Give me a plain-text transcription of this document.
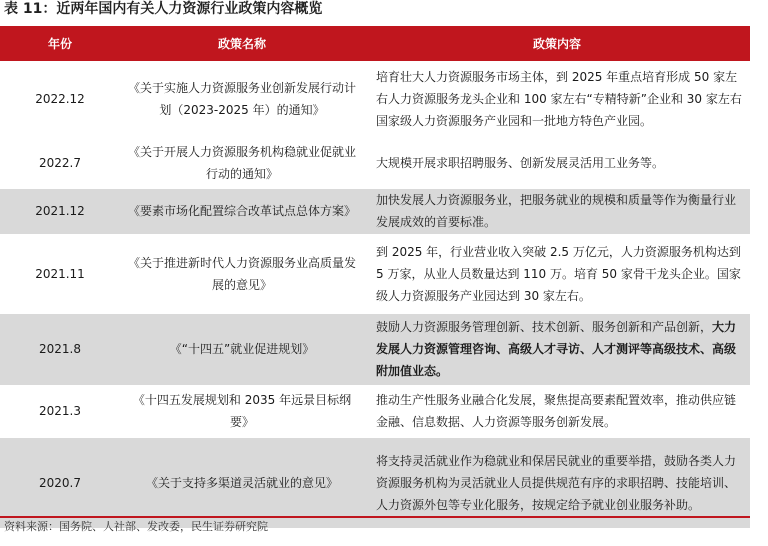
表 11：近两年国内有关人力资源行业政策内容概览
年份	政策名称	政策内容
2022.12	《关于实施人力资源服务业创新发展行动计划（2023-2025 年）的通知》	培育壮大人力资源服务市场主体，到 2025 年重点培育形成 50 家左右人力资源服务龙头企业和 100 家左右“专精特新”企业和 30 家左右国家级人力资源服务产业园和一批地方特色产业园。
2022.7	《关于开展人力资源服务机构稳就业促就业行动的通知》	大规模开展求职招聘服务、创新发展灵活用工业务等。
2021.12	《要素市场化配置综合改革试点总体方案》	加快发展人力资源服务业，把服务就业的规模和质量等作为衡量行业发展成效的首要标准。
2021.11	《关于推进新时代人力资源服务业高质量发展的意见》	到 2025 年，行业营业收入突破 2.5 万亿元，人力资源服务机构达到 5 万家，从业人员数量达到 110 万。培育 50 家骨干龙头企业。国家级人力资源服务产业园达到 30 家左右。
2021.8	《“十四五”就业促进规划》	鼓励人力资源服务管理创新、技术创新、服务创新和产品创新，大力发展人力资源管理咨询、高级人才寻访、人才测评等高级技术、高级附加值业态。
2021.3	《十四五发展规划和 2035 年远景目标纲要》	推动生产性服务业融合化发展，聚焦提高要素配置效率，推动供应链金融、信息数据、人力资源等服务创新发展。
2020.7	《关于支持多渠道灵活就业的意见》	将支持灵活就业作为稳就业和保居民就业的重要举措，鼓励各类人力资源服务机构为灵活就业人员提供规范有序的求职招聘、技能培训、人力资源外包等专业化服务，按规定给予就业创业服务补助。
资料来源：国务院、人社部、发改委，民生证券研究院
